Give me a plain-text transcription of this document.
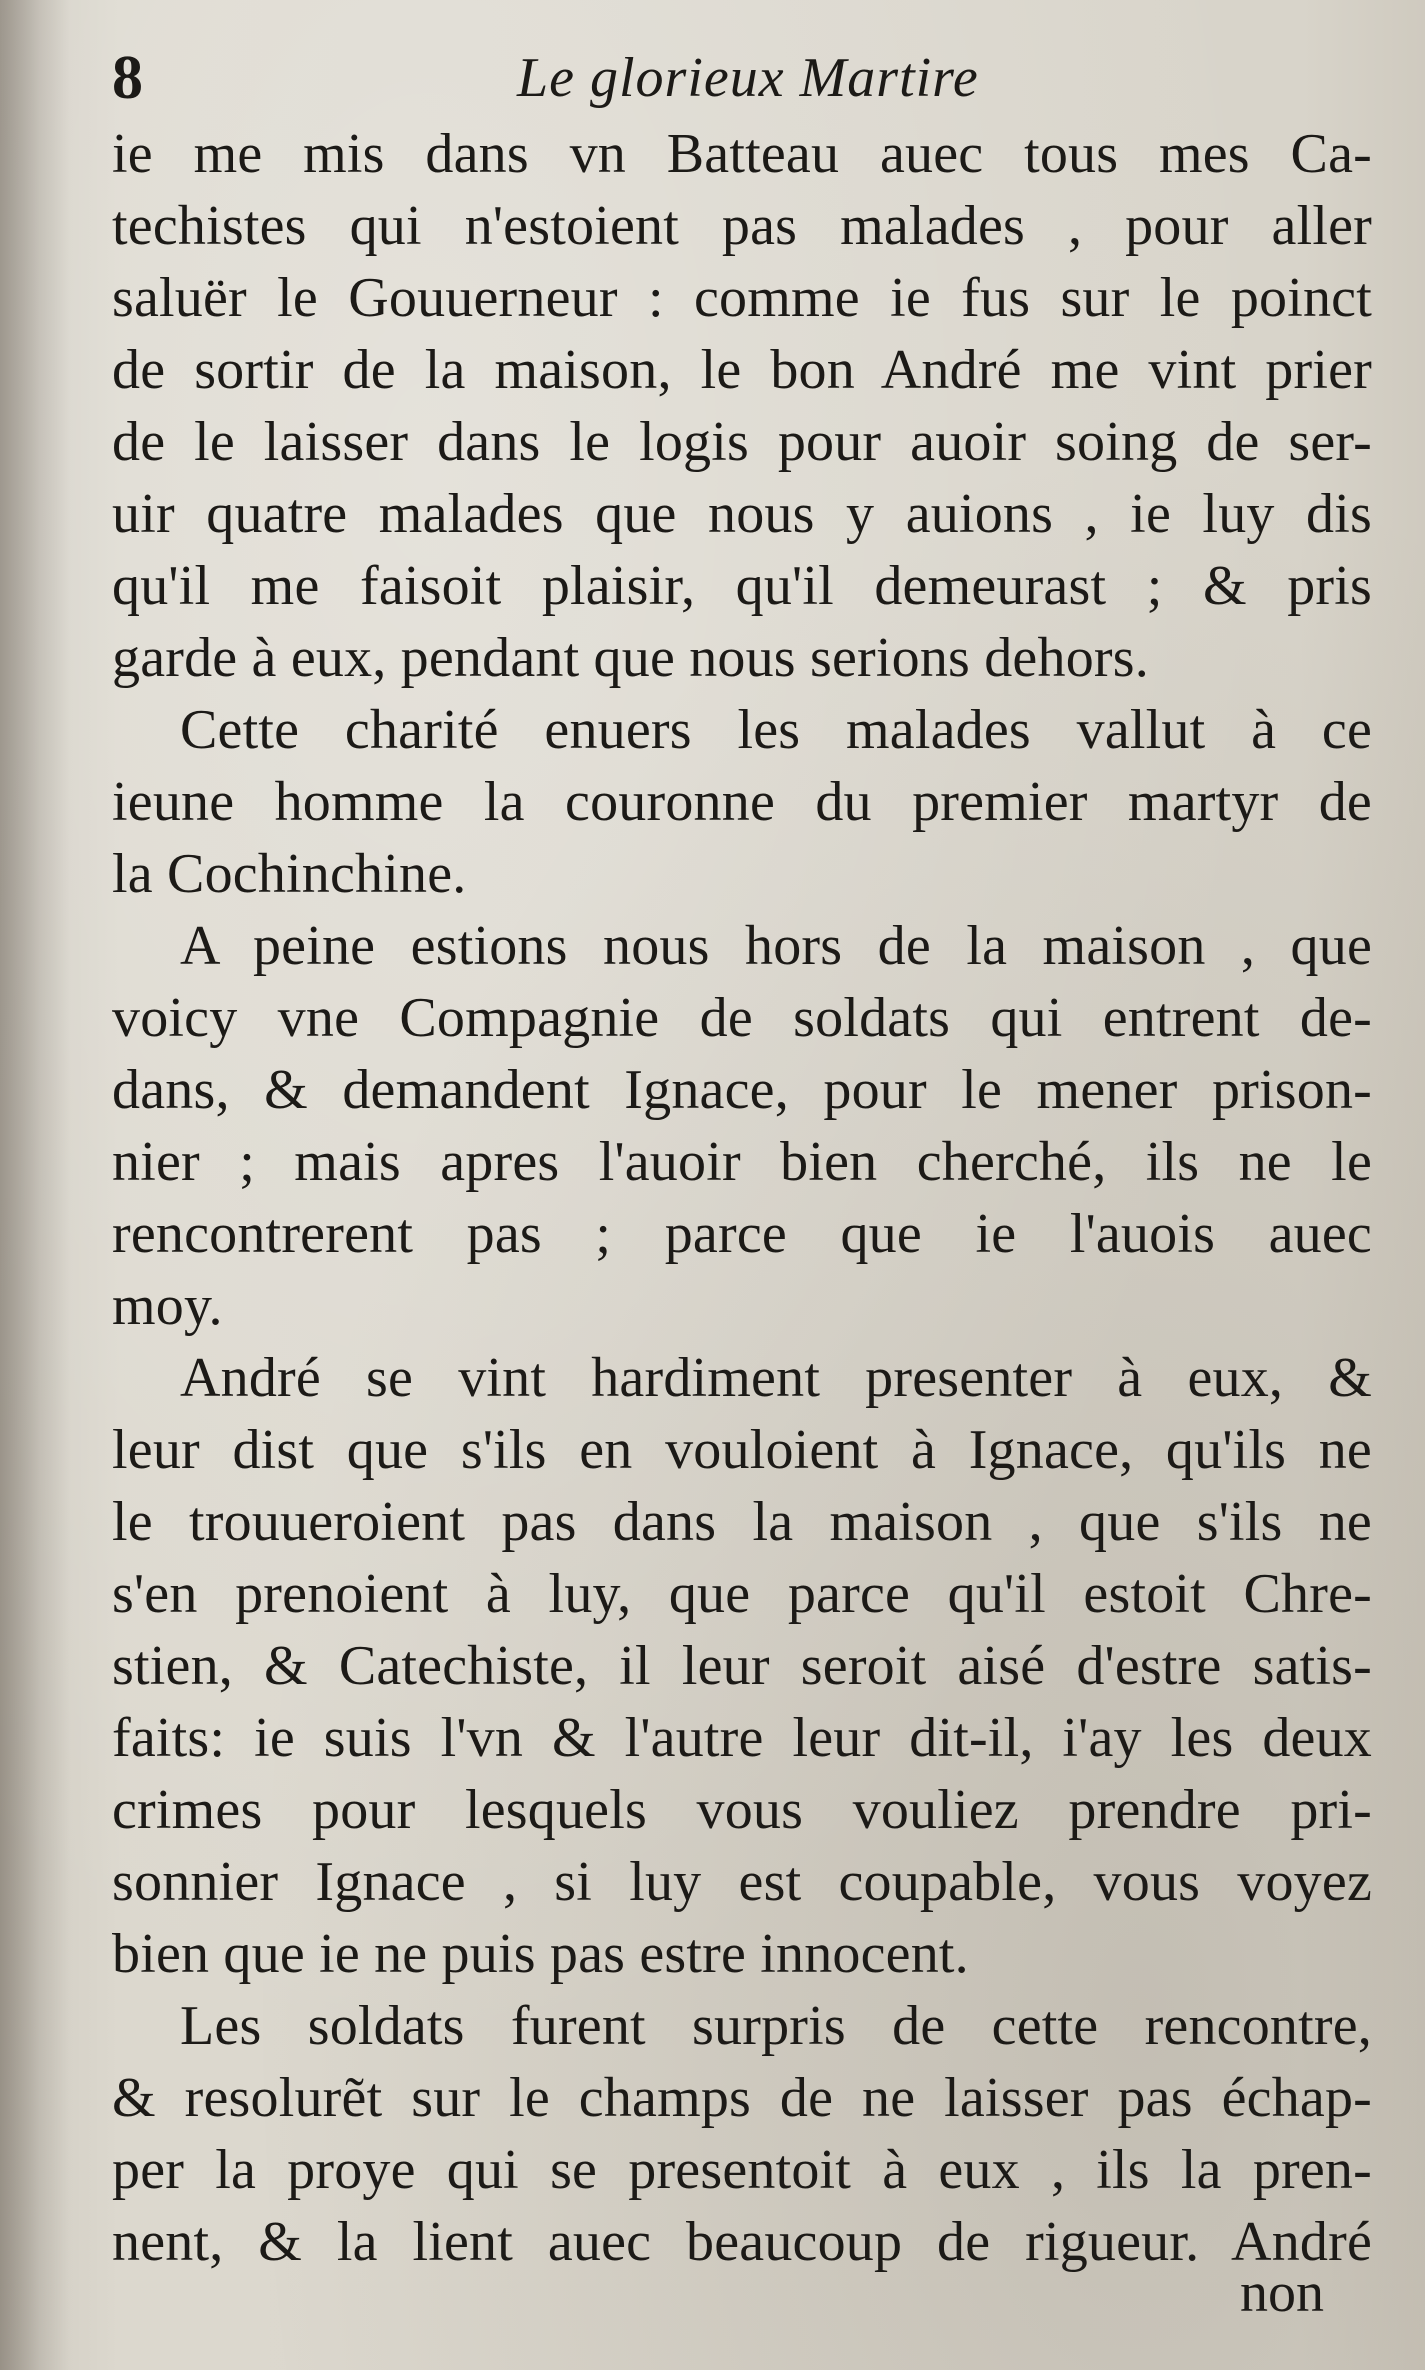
8	Le glorieux Martire
ie me mis dans vn Batteau auec tous mes Ca-
techistes qui n'estoient pas malades , pour aller
saluër le Gouuerneur : comme ie fus sur le poinct
de sortir de la maison, le bon André me vint prier
de le laisser dans le logis pour auoir soing de ser-
uir quatre malades que nous y auions , ie luy dis
qu'il me faisoit plaisir, qu'il demeurast ; & pris
garde à eux, pendant que nous serions dehors.
Cette charité enuers les malades vallut à ce
ieune homme la couronne du premier martyr de
la Cochinchine.
A peine estions nous hors de la maison , que
voicy vne Compagnie de soldats qui entrent de-
dans, & demandent Ignace, pour le mener prison-
nier ; mais apres l'auoir bien cherché, ils ne le
rencontrerent pas ; parce que ie l'auois auec
moy.
André se vint hardiment presenter à eux, &
leur dist que s'ils en vouloient à Ignace, qu'ils ne
le trouueroient pas dans la maison , que s'ils ne
s'en prenoient à luy, que parce qu'il estoit Chre-
stien, & Catechiste, il leur seroit aisé d'estre satis-
faits: ie suis l'vn & l'autre leur dit-il, i'ay les deux
crimes pour lesquels vous vouliez prendre pri-
sonnier Ignace , si luy est coupable, vous voyez
bien que ie ne puis pas estre innocent.
Les soldats furent surpris de cette rencontre,
& resolurẽt sur le champs de ne laisser pas échap-
per la proye qui se presentoit à eux , ils la pren-
nent, & la lient auec beaucoup de rigueur. André
non
